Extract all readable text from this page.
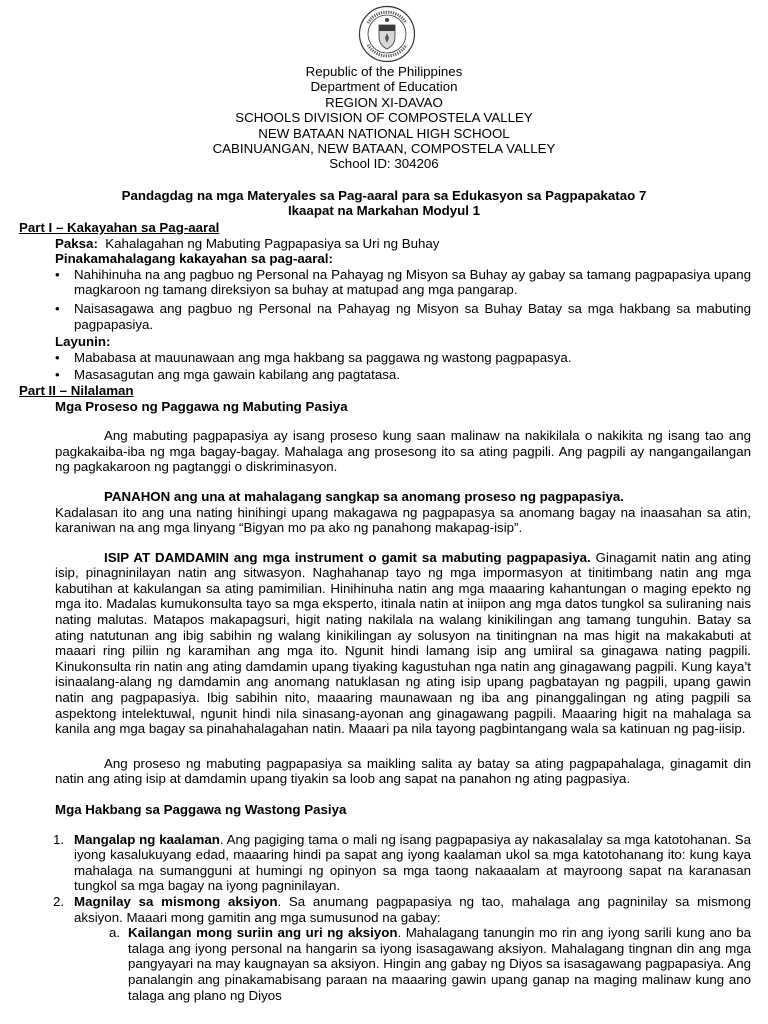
Republic of the Philippines
Department of Education
REGION XI-DAVAO
SCHOOLS DIVISION OF COMPOSTELA VALLEY
NEW BATAAN NATIONAL HIGH SCHOOL
CABINUANGAN, NEW BATAAN, COMPOSTELA VALLEY
School ID: 304206
Pandagdag na mga Materyales sa Pag-aaral para sa Edukasyon sa Pagpapakatao 7
Ikaapat na Markahan Modyul 1

Part I – Kakayahan sa Pag-aaral

Paksa:  Kahalagahan ng Mabuting Pagpapasiya sa Uri ng Buhay

Pinakamahalagang kakayahan sa pag-aaral:

• Nahihinuha na ang pagbuo ng Personal na Pahayag ng Misyon sa Buhay ay gabay sa tamang pagpapasiya upang magkaroon ng tamang direksiyon sa buhay at matupad ang mga pangarap.

• Naisasagawa ang pagbuo ng Personal na Pahayag ng Misyon sa Buhay Batay sa mga hakbang sa mabuting pagpapasiya.

Layunin:

• Mababasa at mauunawaan ang mga hakbang sa paggawa ng wastong pagpapasya.

• Masasagutan ang mga gawain kabilang ang pagtatasa.

Part II – Nilalaman

Mga Proseso ng Paggawa ng Mabuting Pasiya

Ang mabuting pagpapasiya ay isang proseso kung saan malinaw na nakikilala o nakikita ng isang tao ang pagkakaiba-iba ng mga bagay-bagay. Mahalaga ang prosesong ito sa ating pagpili. Ang pagpili ay nangangailangan ng pagkakaroon ng pagtanggi o diskriminasyon.

PANAHON ang una at mahalagang sangkap sa anomang proseso ng pagpapasiya.

Kadalasan ito ang una nating hinihingi upang makagawa ng pagpapasya sa anomang bagay na inaasahan sa atin, karaniwan na ang mga linyang “Bigyan mo pa ako ng panahong makapag-isip”.

ISIP AT DAMDAMIN ang mga instrument o gamit sa mabuting pagpapasiya. Ginagamit natin ang ating isip, pinagninilayan natin ang sitwasyon. Naghahanap tayo ng mga impormasyon at tinitimbang natin ang mga kabutihan at kakulangan sa ating pamimilian. Hinihinuha natin ang mga maaaring kahantungan o maging epekto ng mga ito. Madalas kumukonsulta tayo sa mga eksperto, itinala natin at iniipon ang mga datos tungkol sa suliraning nais nating malutas. Matapos makapagsuri, higit nating nakilala na walang kinikilingan ang tamang tunguhin. Batay sa ating natutunan ang ibig sabihin ng walang kinikilingan ay solusyon na tinitingnan na mas higit na makakabuti at maaari ring piliin ng karamihan ang mga ito. Ngunit hindi lamang isip ang umiiral sa ginagawa nating pagpili. Kinukonsulta rin natin ang ating damdamin upang tiyaking kagustuhan nga natin ang ginagawang pagpili. Kung kaya’t isinaalang-alang ng damdamin ang anomang natuklasan ng ating isip upang pagbatayan ng pagpili, upang gawin natin ang pagpapasiya. Ibig sabihin nito, maaaring maunawaan ng iba ang pinanggalingan ng ating pagpili sa aspektong intelektuwal, ngunit hindi nila sinasang-ayonan ang ginagawang pagpili. Maaaring higit na mahalaga sa kanila ang mga bagay sa pinahahalagahan natin. Maaari pa nila tayong pagbintangang wala sa katinuan ng pag-iisip.

Ang proseso ng mabuting pagpapasiya sa maikling salita ay batay sa ating pagpapahalaga, ginagamit din natin ang ating isip at damdamin upang tiyakin sa loob ang sapat na panahon ng ating pagpasiya.

Mga Hakbang sa Paggawa ng Wastong Pasiya

1. Mangalap ng kaalaman. Ang pagiging tama o mali ng isang pagpapasiya ay nakasalalay sa mga katotohanan. Sa iyong kasalukuyang edad, maaaring hindi pa sapat ang iyong kaalaman ukol sa mga katotohanang ito: kung kaya mahalaga na sumangguni at humingi ng opinyon sa mga taong nakaaalam at mayroong sapat na karanasan tungkol sa mga bagay na iyong pagninilayan.

2. Magnilay sa mismong aksiyon. Sa anumang pagpapasiya ng tao, mahalaga ang pagninilay sa mismong aksiyon. Maaari mong gamitin ang mga sumusunod na gabay:

a. Kailangan mong suriin ang uri ng aksiyon. Mahalagang tanungin mo rin ang iyong sarili kung ano ba talaga ang iyong personal na hangarin sa iyong isasagawang aksiyon. Mahalagang tingnan din ang mga pangyayari na may kaugnayan sa aksiyon. Hingin ang gabay ng Diyos sa isasagawang pagpapasiya. Ang panalangin ang pinakamabisang paraan na maaaring gawin upang ganap na maging malinaw kung ano talaga ang plano ng Diyos
